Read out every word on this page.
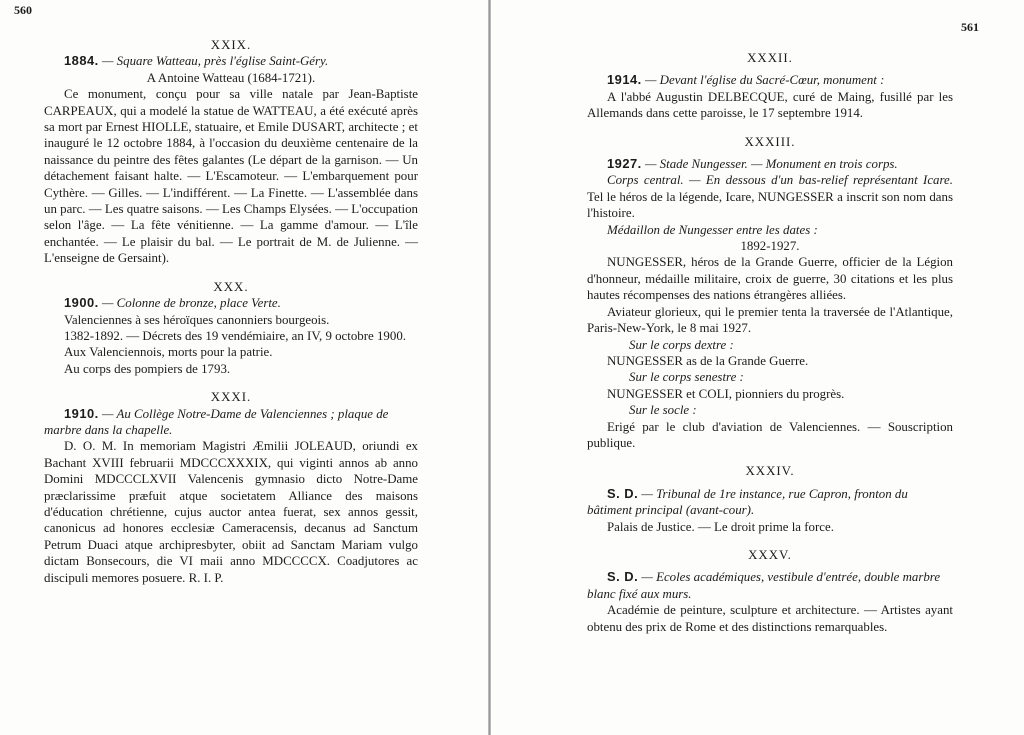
560

XXIX.

1884. — Square Watteau, près l'église Saint-Géry.

A Antoine Watteau (1684-1721).

Ce monument, conçu pour sa ville natale par Jean-Baptiste CARPEAUX, qui a modelé la statue de WATTEAU, a été exécuté après sa mort par Ernest HIOLLE, statuaire, et Emile DUSART, architecte ; et inauguré le 12 octobre 1884, à l'occasion du deuxième centenaire de la naissance du peintre des fêtes galantes (Le départ de la garnison. — Un détachement faisant halte. — L'Escamoteur. — L'embarquement pour Cythère. — Gilles. — L'indifférent. — La Finette. — L'assemblée dans un parc. — Les quatre saisons. — Les Champs Elysées. — L'occupation selon l'âge. — La fête vénitienne. — La gamme d'amour. — L'île enchantée. — Le plaisir du bal. — Le portrait de M. de Julienne. — L'enseigne de Gersaint).

XXX.

1900. — Colonne de bronze, place Verte.

Valenciennes à ses héroïques canonniers bourgeois.

1382-1892. — Décrets des 19 vendémiaire, an IV, 9 octobre 1900.

Aux Valenciennois, morts pour la patrie.

Au corps des pompiers de 1793.

XXXI.

1910. — Au Collège Notre-Dame de Valenciennes ; plaque de marbre dans la chapelle.

D. O. M. In memoriam Magistri Æmilii JOLEAUD, oriundi ex Bachant XVIII februarii MDCCCXXXIX, qui viginti annos ab anno Domini MDCCCLXVII Valencenis gymnasio dicto Notre-Dame præclarissime præfuit atque societatem Alliance des maisons d'éducation chrétienne, cujus auctor antea fuerat, sex annos gessit, canonicus ad honores ecclesiæ Cameracensis, decanus ad Sanctum Petrum Duaci atque archipresbyter, obiit ad Sanctam Mariam vulgo dictam Bonsecours, die VI maii anno MDCCCCX. Coadjutores ac discipuli memores posuere. R. I. P.

561

XXXII.

1914. — Devant l'église du Sacré-Cœur, monument :

A l'abbé Augustin DELBECQUE, curé de Maing, fusillé par les Allemands dans cette paroisse, le 17 septembre 1914.

XXXIII.

1927. — Stade Nungesser. — Monument en trois corps.

Corps central. — En dessous d'un bas-relief représentant Icare. Tel le héros de la légende, Icare, NUNGESSER a inscrit son nom dans l'histoire.

Médaillon de Nungesser entre les dates :

1892-1927.

NUNGESSER, héros de la Grande Guerre, officier de la Légion d'honneur, médaille militaire, croix de guerre, 30 citations et les plus hautes récompenses des nations étrangères alliées.

Aviateur glorieux, qui le premier tenta la traversée de l'Atlantique, Paris-New-York, le 8 mai 1927.

Sur le corps dextre :

NUNGESSER as de la Grande Guerre.

Sur le corps senestre :

NUNGESSER et COLI, pionniers du progrès.

Sur le socle :

Erigé par le club d'aviation de Valenciennes. — Souscription publique.

XXXIV.

S. D. — Tribunal de 1re instance, rue Capron, fronton du bâtiment principal (avant-cour).

Palais de Justice. — Le droit prime la force.

XXXV.

S. D. — Ecoles académiques, vestibule d'entrée, double marbre blanc fixé aux murs.

Académie de peinture, sculpture et architecture. — Artistes ayant obtenu des prix de Rome et des distinctions remarquables.
